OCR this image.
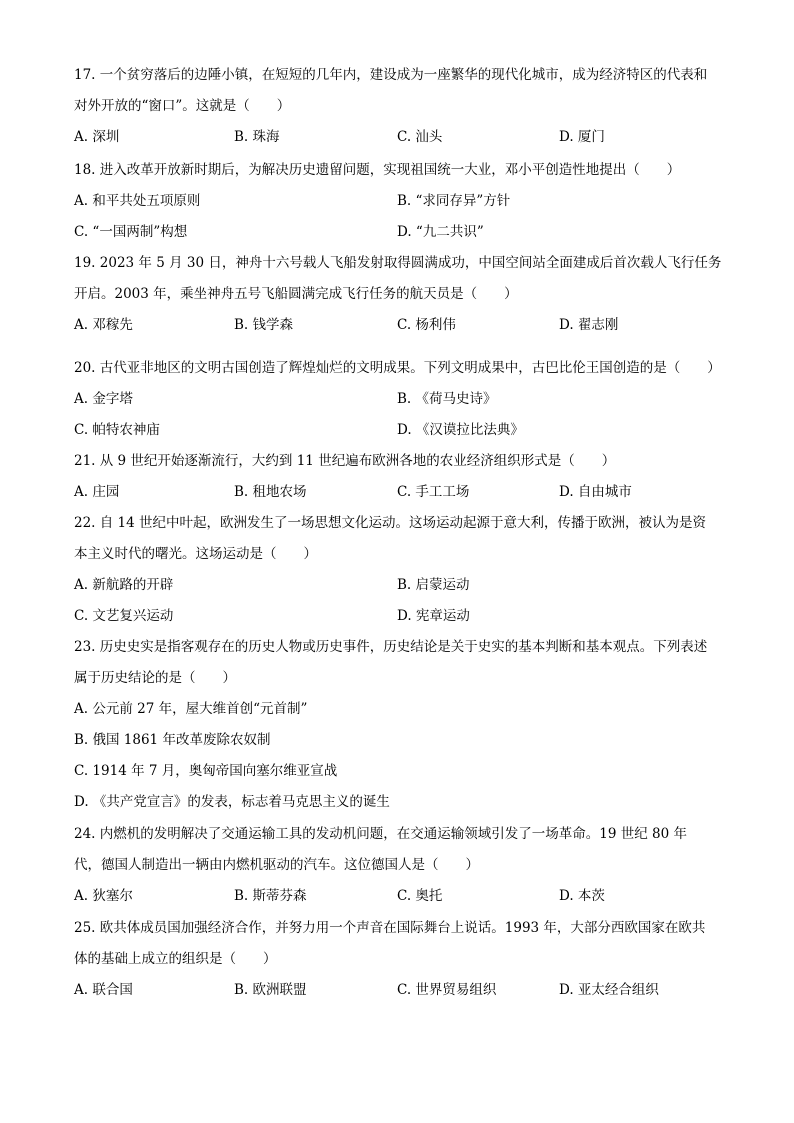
17. 一个贫穷落后的边陲小镇，在短短的几年内，建设成为一座繁华的现代化城市，成为经济特区的代表和
对外开放的“窗口”。这就是（　　）
A. 深圳	B. 珠海	C. 汕头	D. 厦门
18. 进入改革开放新时期后，为解决历史遗留问题，实现祖国统一大业，邓小平创造性地提出（　　）
A. 和平共处五项原则	B. “求同存异”方针
C. “一国两制”构想	D. “九二共识”
19. 2023 年 5 月 30 日，神舟十六号载人飞船发射取得圆满成功，中国空间站全面建成后首次载人飞行任务
开启。2003 年，乘坐神舟五号飞船圆满完成飞行任务的航天员是（　　）
A. 邓稼先	B. 钱学森	C. 杨利伟	D. 翟志刚
20. 古代亚非地区的文明古国创造了辉煌灿烂的文明成果。下列文明成果中，古巴比伦王国创造的是（　　）
A. 金字塔	B. 《荷马史诗》
C. 帕特农神庙	D. 《汉谟拉比法典》
21. 从 9 世纪开始逐渐流行，大约到 11 世纪遍布欧洲各地的农业经济组织形式是（　　）
A. 庄园	B. 租地农场	C. 手工工场	D. 自由城市
22. 自 14 世纪中叶起，欧洲发生了一场思想文化运动。这场运动起源于意大利，传播于欧洲，被认为是资
本主义时代的曙光。这场运动是（　　）
A. 新航路的开辟	B. 启蒙运动
C. 文艺复兴运动	D. 宪章运动
23. 历史史实是指客观存在的历史人物或历史事件，历史结论是关于史实的基本判断和基本观点。下列表述
属于历史结论的是（　　）
A. 公元前 27 年，屋大维首创“元首制”
B. 俄国 1861 年改革废除农奴制
C. 1914 年 7 月，奥匈帝国向塞尔维亚宣战
D. 《共产党宣言》的发表，标志着马克思主义的诞生
24. 内燃机的发明解决了交通运输工具的发动机问题，在交通运输领域引发了一场革命。19 世纪 80 年
代，德国人制造出一辆由内燃机驱动的汽车。这位德国人是（　　）
A. 狄塞尔	B. 斯蒂芬森	C. 奥托	D. 本茨
25. 欧共体成员国加强经济合作，并努力用一个声音在国际舞台上说话。1993 年，大部分西欧国家在欧共
体的基础上成立的组织是（　　）
A. 联合国	B. 欧洲联盟	C. 世界贸易组织	D. 亚太经合组织
